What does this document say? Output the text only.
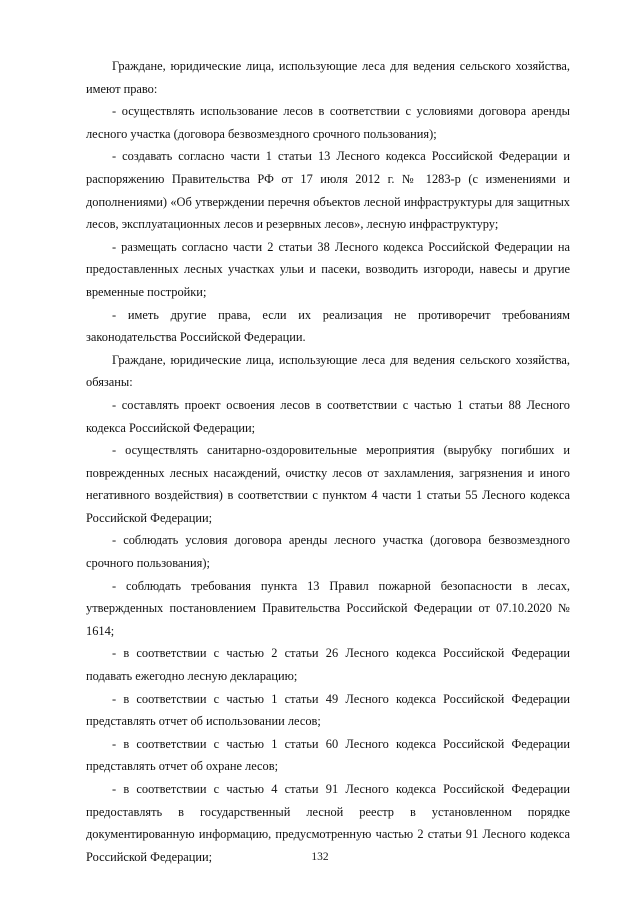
Граждане, юридические лица, использующие леса для ведения сельского хозяйства, имеют право:

- осуществлять использование лесов в соответствии с условиями договора аренды лесного участка (договора безвозмездного срочного пользования);

- создавать согласно части 1 статьи 13 Лесного кодекса Российской Федерации и распоряжению Правительства РФ от 17 июля 2012 г. № 1283-р (с изменениями и дополнениями) «Об утверждении перечня объектов лесной инфраструктуры для защитных лесов, эксплуатационных лесов и резервных лесов», лесную инфраструктуру;

- размещать согласно части 2 статьи 38 Лесного кодекса Российской Федерации на предоставленных лесных участках ульи и пасеки, возводить изгороди, навесы и другие временные постройки;

- иметь другие права, если их реализация не противоречит требованиям законодательства Российской Федерации.

Граждане, юридические лица, использующие леса для ведения сельского хозяйства, обязаны:

- составлять проект освоения лесов в соответствии с частью 1 статьи 88 Лесного кодекса Российской Федерации;

- осуществлять санитарно-оздоровительные мероприятия (вырубку погибших и поврежденных лесных насаждений, очистку лесов от захламления, загрязнения и иного негативного воздействия) в соответствии с пунктом 4 части 1 статьи 55 Лесного кодекса Российской Федерации;

- соблюдать условия договора аренды лесного участка (договора безвозмездного срочного пользования);

- соблюдать требования пункта 13 Правил пожарной безопасности в лесах, утвержденных постановлением Правительства Российской Федерации от 07.10.2020 № 1614;

- в соответствии с частью 2 статьи 26 Лесного кодекса Российской Федерации подавать ежегодно лесную декларацию;

- в соответствии с частью 1 статьи 49 Лесного кодекса Российской Федерации представлять отчет об использовании лесов;

- в соответствии с частью 1 статьи 60 Лесного кодекса Российской Федерации представлять отчет об охране лесов;

- в соответствии с частью 4 статьи 91 Лесного кодекса Российской Федерации предоставлять в государственный лесной реестр в установленном порядке документированную информацию, предусмотренную частью 2 статьи 91 Лесного кодекса Российской Федерации;	132
